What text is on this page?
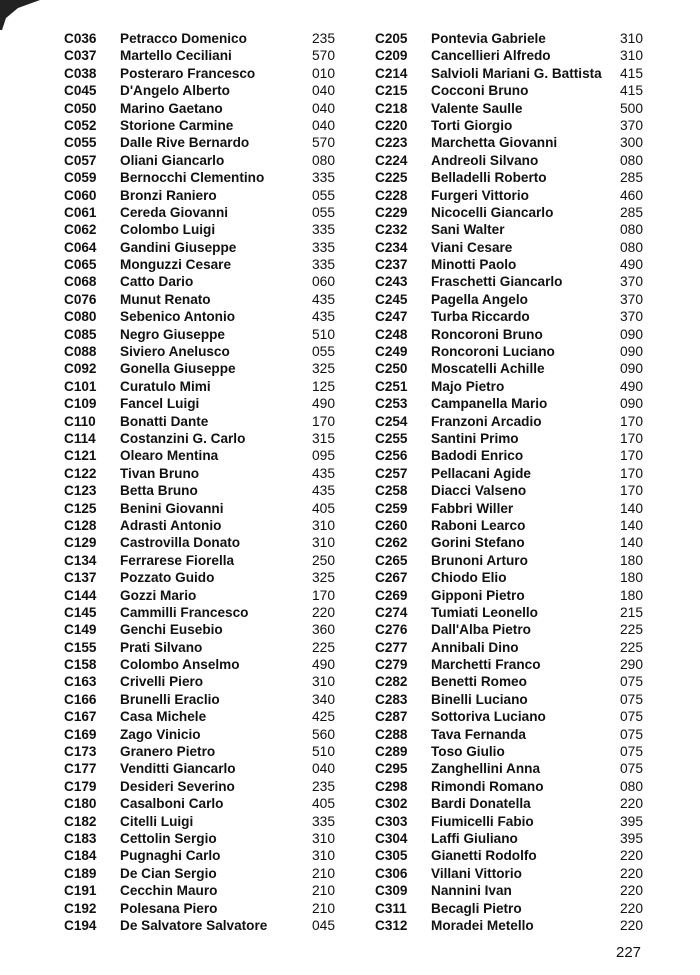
C036	Petracco Domenico	235
C037	Martello Ceciliani	570
C038	Posteraro Francesco	010
C045	D'Angelo Alberto	040
C050	Marino Gaetano	040
C052	Storione Carmine	040
C055	Dalle Rive Bernardo	570
C057	Oliani Giancarlo	080
C059	Bernocchi Clementino	335
C060	Bronzi Raniero	055
C061	Cereda Giovanni	055
C062	Colombo Luigi	335
C064	Gandini Giuseppe	335
C065	Monguzzi Cesare	335
C068	Catto Dario	060
C076	Munut Renato	435
C080	Sebenico Antonio	435
C085	Negro Giuseppe	510
C088	Siviero Anelusco	055
C092	Gonella Giuseppe	325
C101	Curatulo Mimi	125
C109	Fancel Luigi	490
C110	Bonatti Dante	170
C114	Costanzini G. Carlo	315
C121	Olearo Mentina	095
C122	Tivan Bruno	435
C123	Betta Bruno	435
C125	Benini Giovanni	405
C128	Adrasti Antonio	310
C129	Castrovilla Donato	310
C134	Ferrarese Fiorella	250
C137	Pozzato Guido	325
C144	Gozzi Mario	170
C145	Cammilli Francesco	220
C149	Genchi Eusebio	360
C155	Prati Silvano	225
C158	Colombo Anselmo	490
C163	Crivelli Piero	310
C166	Brunelli Eraclio	340
C167	Casa Michele	425
C169	Zago Vinicio	560
C173	Granero Pietro	510
C177	Venditti Giancarlo	040
C179	Desideri Severino	235
C180	Casalboni Carlo	405
C182	Citelli Luigi	335
C183	Cettolin Sergio	310
C184	Pugnaghi Carlo	310
C189	De Cian Sergio	210
C191	Cecchin Mauro	210
C192	Polesana Piero	210
C194	De Salvatore Salvatore	045
C205	Pontevia Gabriele	310
C209	Cancellieri Alfredo	310
C214	Salvioli Mariani G. Battista 415
C215	Cocconi Bruno	415
C218	Valente Saulle	500
C220	Torti Giorgio	370
C223	Marchetta Giovanni	300
C224	Andreoli Silvano	080
C225	Belladelli Roberto	285
C228	Furgeri Vittorio	460
C229	Nicocelli Giancarlo	285
C232	Sani Walter	080
C234	Viani Cesare	080
C237	Minotti Paolo	490
C243	Fraschetti Giancarlo	370
C245	Pagella Angelo	370
C247	Turba Riccardo	370
C248	Roncoroni Bruno	090
C249	Roncoroni Luciano	090
C250	Moscatelli Achille	090
C251	Majo Pietro	490
C253	Campanella Mario	090
C254	Franzoni Arcadio	170
C255	Santini Primo	170
C256	Badodi Enrico	170
C257	Pellacani Agide	170
C258	Diacci Valseno	170
C259	Fabbri Willer	140
C260	Raboni Learco	140
C262	Gorini Stefano	140
C265	Brunoni Arturo	180
C267	Chiodo Elio	180
C269	Gipponi Pietro	180
C274	Tumiati Leonello	215
C276	Dall'Alba Pietro	225
C277	Annibali Dino	225
C279	Marchetti Franco	290
C282	Benetti Romeo	075
C283	Binelli Luciano	075
C287	Sottoriva Luciano	075
C288	Tava Fernanda	075
C289	Toso Giulio	075
C295	Zanghellini Anna	075
C298	Rimondi Romano	080
C302	Bardi Donatella	220
C303	Fiumicelli Fabio	395
C304	Laffi Giuliano	395
C305	Gianetti Rodolfo	220
C306	Villani Vittorio	220
C309	Nannini Ivan	220
C311	Becagli Pietro	220
C312	Moradei Metello	220
227
